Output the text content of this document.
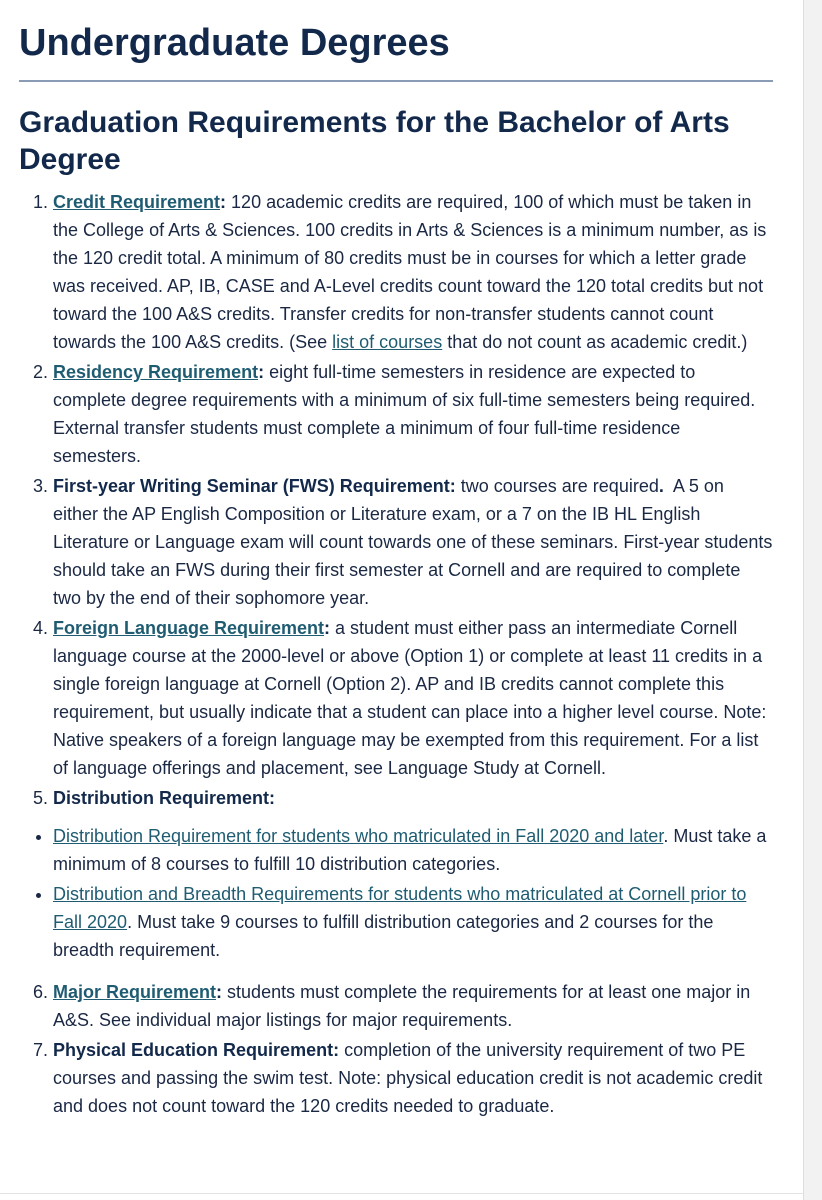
Undergraduate Degrees
Graduation Requirements for the Bachelor of Arts Degree
1. Credit Requirement: 120 academic credits are required, 100 of which must be taken in the College of Arts & Sciences. 100 credits in Arts & Sciences is a minimum number, as is the 120 credit total. A minimum of 80 credits must be in courses for which a letter grade was received. AP, IB, CASE and A-Level credits count toward the 120 total credits but not toward the 100 A&S credits. Transfer credits for non-transfer students cannot count towards the 100 A&S credits. (See list of courses that do not count as academic credit.)
2. Residency Requirement: eight full-time semesters in residence are expected to complete degree requirements with a minimum of six full-time semesters being required. External transfer students must complete a minimum of four full-time residence semesters.
3. First-year Writing Seminar (FWS) Requirement: two courses are required. A 5 on either the AP English Composition or Literature exam, or a 7 on the IB HL English Literature or Language exam will count towards one of these seminars. First-year students should take an FWS during their first semester at Cornell and are required to complete two by the end of their sophomore year.
4. Foreign Language Requirement: a student must either pass an intermediate Cornell language course at the 2000-level or above (Option 1) or complete at least 11 credits in a single foreign language at Cornell (Option 2). AP and IB credits cannot complete this requirement, but usually indicate that a student can place into a higher level course. Note: Native speakers of a foreign language may be exempted from this requirement. For a list of language offerings and placement, see Language Study at Cornell.
5. Distribution Requirement:
• Distribution Requirement for students who matriculated in Fall 2020 and later. Must take a minimum of 8 courses to fulfill 10 distribution categories.
• Distribution and Breadth Requirements for students who matriculated at Cornell prior to Fall 2020. Must take 9 courses to fulfill distribution categories and 2 courses for the breadth requirement.
6. Major Requirement: students must complete the requirements for at least one major in A&S. See individual major listings for major requirements.
7. Physical Education Requirement: completion of the university requirement of two PE courses and passing the swim test. Note: physical education credit is not academic credit and does not count toward the 120 credits needed to graduate.
